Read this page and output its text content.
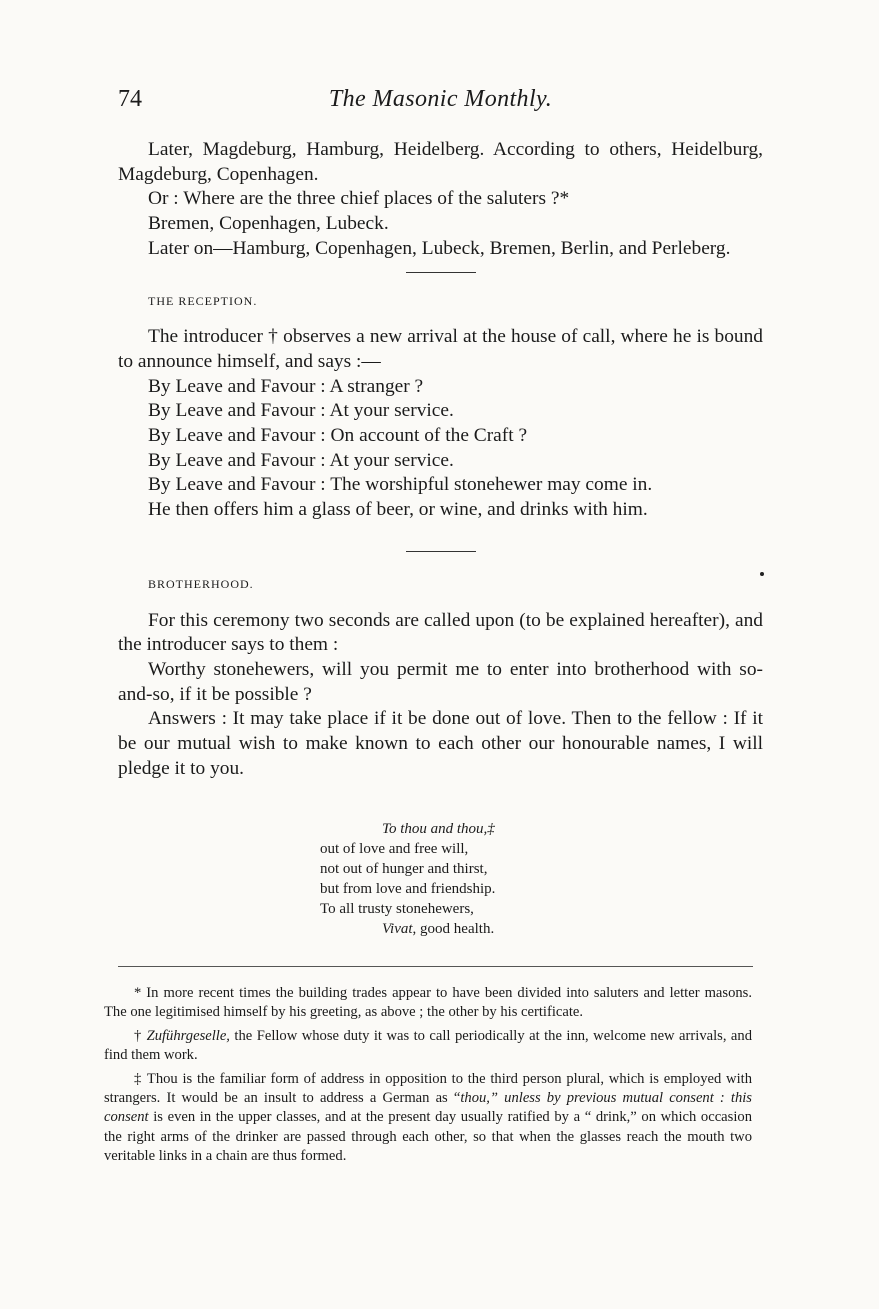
74	The Masonic Monthly.

Later, Magdeburg, Hamburg, Heidelberg. According to others, Heidelburg, Magdeburg, Copenhagen.

Or : Where are the three chief places of the saluters ?*

Bremen, Copenhagen, Lubeck.

Later on—Hamburg, Copenhagen, Lubeck, Bremen, Berlin, and Perleberg.

THE RECEPTION.

The introducer † observes a new arrival at the house of call, where he is bound to announce himself, and says :—

By Leave and Favour : A stranger ?

By Leave and Favour : At your service.

By Leave and Favour : On account of the Craft ?

By Leave and Favour : At your service.

By Leave and Favour : The worshipful stonehewer may come in.

He then offers him a glass of beer, or wine, and drinks with him.

BROTHERHOOD.

For this ceremony two seconds are called upon (to be explained hereafter), and the introducer says to them :

Worthy stonehewers, will you permit me to enter into brotherhood with so-and-so, if it be possible ?

Answers : It may take place if it be done out of love. Then to the fellow : If it be our mutual wish to make known to each other our honourable names, I will pledge it to you.

To thou and thou,‡
out of love and free will,
not out of hunger and thirst,
but from love and friendship.
To all trusty stonehewers,
Vivat, good health.

* In more recent times the building trades appear to have been divided into saluters and letter masons. The one legitimised himself by his greeting, as above ; the other by his certificate.

† Zuführgeselle, the Fellow whose duty it was to call periodically at the inn, welcome new arrivals, and find them work.

‡ Thou is the familiar form of address in opposition to the third person plural, which is employed with strangers. It would be an insult to address a German as “thou,” unless by previous mutual consent : this consent is even in the upper classes, and at the present day usually ratified by a “ drink,” on which occasion the right arms of the drinker are passed through each other, so that when the glasses reach the mouth two veritable links in a chain are thus formed.
